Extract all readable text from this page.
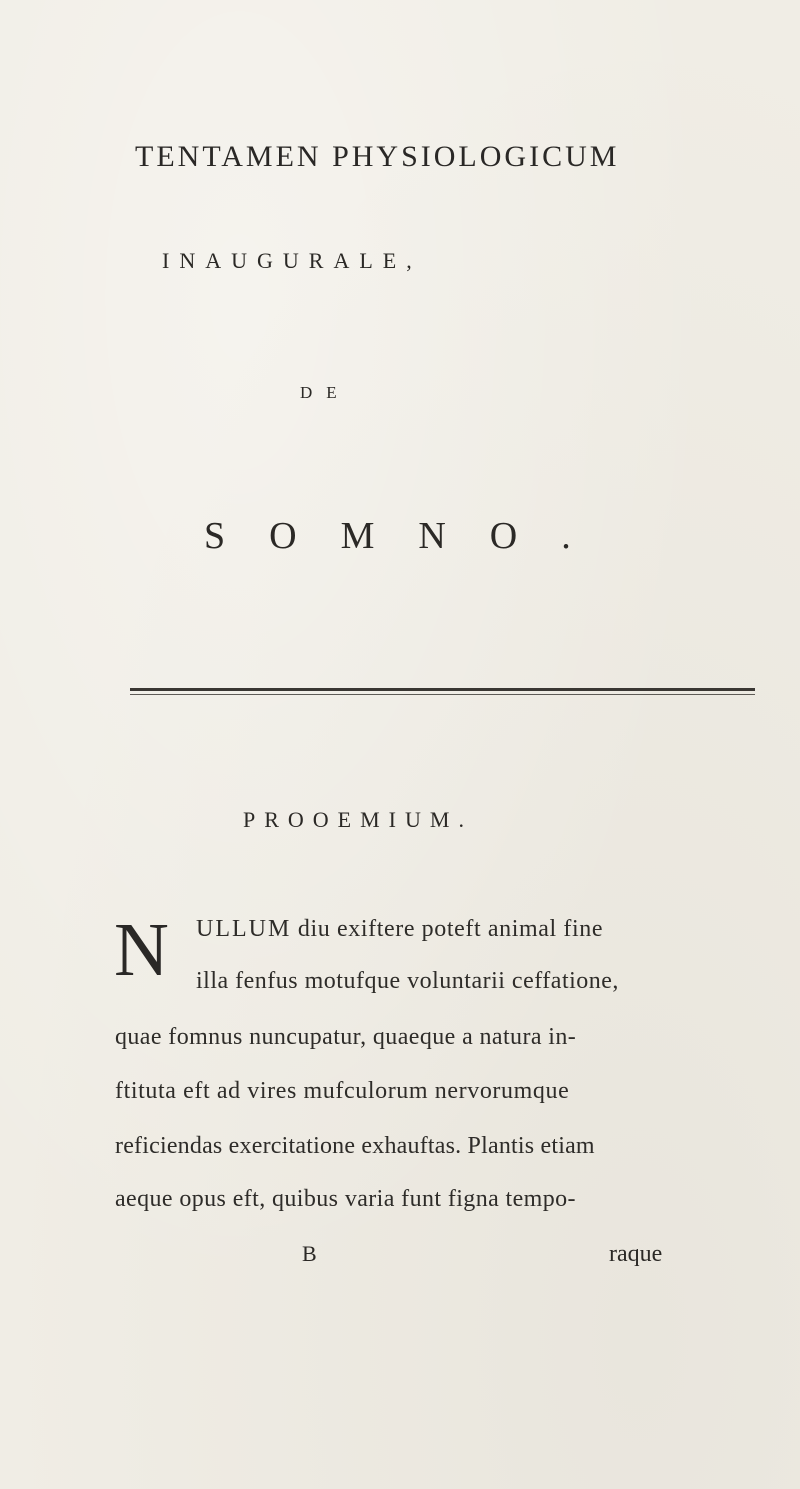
TENTAMEN PHYSIOLOGICUM
INAUGURALE,
DE
SOMNO.
PROOEMIUM.
N ULLUM diu exiftere poteft animal fine
illa fenfus motufque voluntarii ceffatione,
quae fomnus nuncupatur, quaeque a natura in-
ftituta eft ad vires mufculorum nervorumque
reficiendas exercitatione exhauftas. Plantis etiam
aeque opus eft, quibus varia funt figna tempo-
B	raque
